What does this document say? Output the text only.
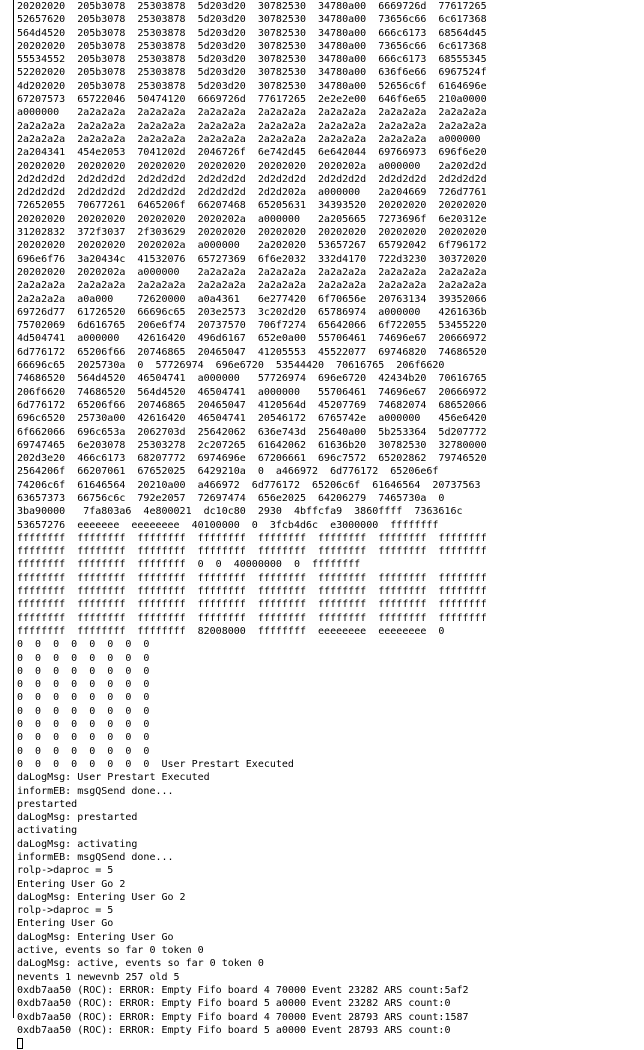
20202020  205b3078  25303878  5d203d20  30782530  34780a00  6669726d  77617265
52657620  205b3078  25303878  5d203d20  30782530  34780a00  73656c66  6c617368
564d4520  205b3078  25303878  5d203d20  30782530  34780a00  666c6173  68564d45
20202020  205b3078  25303878  5d203d20  30782530  34780a00  73656c66  6c617368
55534552  205b3078  25303878  5d203d20  30782530  34780a00  666c6173  68555345
52202020  205b3078  25303878  5d203d20  30782530  34780a00  636f6e66  6967524f
4d202020  205b3078  25303878  5d203d20  30782530  34780a00  52656c6f  6164696e
67207573  65722046  50474120  6669726d  77617265  2e2e2e00  646f6e65  210a0000
a000000   2a2a2a2a  2a2a2a2a  2a2a2a2a  2a2a2a2a  2a2a2a2a  2a2a2a2a  2a2a2a2a
2a2a2a2a  2a2a2a2a  2a2a2a2a  2a2a2a2a  2a2a2a2a  2a2a2a2a  2a2a2a2a  2a2a2a2a
2a2a2a2a  2a2a2a2a  2a2a2a2a  2a2a2a2a  2a2a2a2a  2a2a2a2a  2a2a2a2a  a000000
2a204341  454e2053  7041202d  2046726f  6e742d45  6e642044  69766973  696f6e20
20202020  20202020  20202020  20202020  20202020  2020202a  a000000   2a202d2d
2d2d2d2d  2d2d2d2d  2d2d2d2d  2d2d2d2d  2d2d2d2d  2d2d2d2d  2d2d2d2d  2d2d2d2d
2d2d2d2d  2d2d2d2d  2d2d2d2d  2d2d2d2d  2d2d202a  a000000   2a204669  726d7761
72652055  70677261  6465206f  66207468  65205631  34393520  20202020  20202020
20202020  20202020  20202020  2020202a  a000000   2a205665  7273696f  6e20312e
31202832  372f3037  2f303629  20202020  20202020  20202020  20202020  20202020
20202020  20202020  2020202a  a000000   2a202020  53657267  65792042  6f796172
696e6f76  3a20434c  41532076  65727369  6f6e2032  332d4170  722d3230  30372020
20202020  2020202a  a000000   2a2a2a2a  2a2a2a2a  2a2a2a2a  2a2a2a2a  2a2a2a2a
2a2a2a2a  2a2a2a2a  2a2a2a2a  2a2a2a2a  2a2a2a2a  2a2a2a2a  2a2a2a2a  2a2a2a2a
2a2a2a2a  a0a000    72620000  a0a4361   6e277420  6f70656e  20763134  39352066
69726d77  61726520  66696c65  203e2573  3c202d20  65786974  a000000   4261636b
75702069  6d616765  206e6f74  20737570  706f7274  65642066  6f722055  53455220
4d504741  a000000   42616420  496d6167  652e0a00  55706461  74696e67  20666972
6d776172  65206f66  20746865  20465047  41205553  45522077  69746820  74686520
66696c65  2025730a  0  57726974  696e6720  53544420  70616765  206f6620
74686520  564d4520  46504741  a000000   57726974  696e6720  42434b20  70616765
206f6620  74686520  564d4520  46504741  a000000   55706461  74696e67  20666972
6d776172  65206f66  20746865  20465047  4120564d  45207769  74682074  68652066
696c6520  25730a00  42616420  46504741  20546172  6765742e  a000000   456e6420
6f662066  696c653a  2062703d  25642062  636e743d  25640a00  5b253364  5d207772
69747465  6e203078  25303278  2c207265  61642062  61636b20  30782530  32780000
202d3e20  466c6173  68207772  6974696e  67206661  696c7572  65202862  79746520
2564206f  66207061  67652025  6429210a  0  a466972  6d776172  65206e6f
74206c6f  61646564  20210a00  a466972  6d776172  65206c6f  61646564  20737563
63657373  66756c6c  792e2057  72697474  656e2025  64206279  7465730a  0
3ba90000   7fa803a6  4e800021  dc10c80  2930  4bffcfa9  3860ffff  7363616c
53657276  eeeeeee  eeeeeeee  40100000  0  3fcb4d6c  e3000000  ffffffff
ffffffff  ffffffff  ffffffff  ffffffff  ffffffff  ffffffff  ffffffff  ffffffff
ffffffff  ffffffff  ffffffff  ffffffff  ffffffff  ffffffff  ffffffff  ffffffff
ffffffff  ffffffff  ffffffff  0  0  40000000  0  ffffffff
ffffffff  ffffffff  ffffffff  ffffffff  ffffffff  ffffffff  ffffffff  ffffffff
ffffffff  ffffffff  ffffffff  ffffffff  ffffffff  ffffffff  ffffffff  ffffffff
ffffffff  ffffffff  ffffffff  ffffffff  ffffffff  ffffffff  ffffffff  ffffffff
ffffffff  ffffffff  ffffffff  ffffffff  ffffffff  ffffffff  ffffffff  ffffffff
ffffffff  ffffffff  ffffffff  82008000  ffffffff  eeeeeeee  eeeeeeee  0
0  0  0  0  0  0  0  0
0  0  0  0  0  0  0  0
0  0  0  0  0  0  0  0
0  0  0  0  0  0  0  0
0  0  0  0  0  0  0  0
0  0  0  0  0  0  0  0
0  0  0  0  0  0  0  0
0  0  0  0  0  0  0  0
0  0  0  0  0  0  0  0
0  0  0  0  0  0  0  0  User Prestart Executed
daLogMsg: User Prestart Executed
informEB: msgQSend done...
prestarted
daLogMsg: prestarted
activating
daLogMsg: activating
informEB: msgQSend done...
rolp->daproc = 5
Entering User Go 2
daLogMsg: Entering User Go 2
rolp->daproc = 5
Entering User Go
daLogMsg: Entering User Go
active, events so far 0 token 0
daLogMsg: active, events so far 0 token 0
nevents 1 newevnb 257 old 5
0xdb7aa50 (ROC): ERROR: Empty Fifo board 4 70000 Event 23282 ARS count:5af2
0xdb7aa50 (ROC): ERROR: Empty Fifo board 5 a0000 Event 23282 ARS count:0
0xdb7aa50 (ROC): ERROR: Empty Fifo board 4 70000 Event 28793 ARS count:1587
0xdb7aa50 (ROC): ERROR: Empty Fifo board 5 a0000 Event 28793 ARS count:0
